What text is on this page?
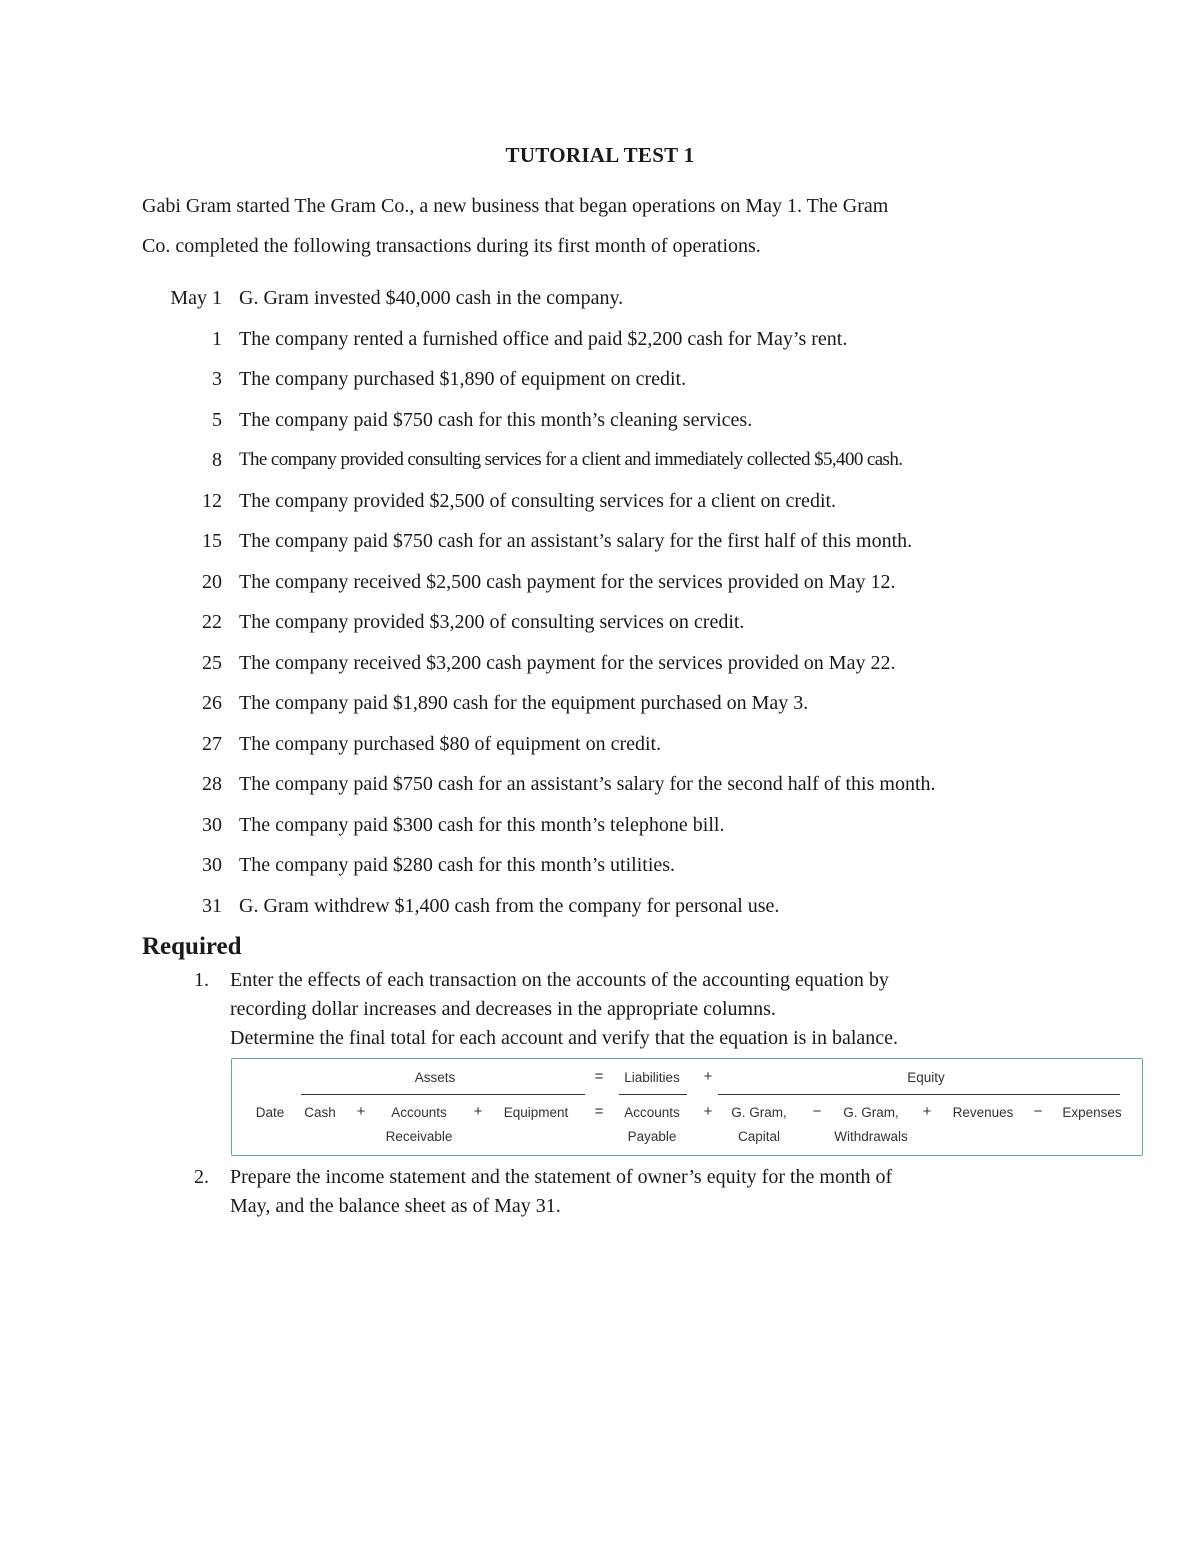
TUTORIAL TEST 1
Gabi Gram started The Gram Co., a new business that began operations on May 1. The Gram
Co. completed the following transactions during its first month of operations.
May 1 G. Gram invested $40,000 cash in the company.
1 The company rented a furnished office and paid $2,200 cash for May’s rent.
3 The company purchased $1,890 of equipment on credit.
5 The company paid $750 cash for this month’s cleaning services.
8 The company provided consulting services for a client and immediately collected $5,400 cash.
12 The company provided $2,500 of consulting services for a client on credit.
15 The company paid $750 cash for an assistant’s salary for the first half of this month.
20 The company received $2,500 cash payment for the services provided on May 12.
22 The company provided $3,200 of consulting services on credit.
25 The company received $3,200 cash payment for the services provided on May 22.
26 The company paid $1,890 cash for the equipment purchased on May 3.
27 The company purchased $80 of equipment on credit.
28 The company paid $750 cash for an assistant’s salary for the second half of this month.
30 The company paid $300 cash for this month’s telephone bill.
30 The company paid $280 cash for this month’s utilities.
31 G. Gram withdrew $1,400 cash from the company for personal use.
Required
1. Enter the effects of each transaction on the accounts of the accounting equation by
recording dollar increases and decreases in the appropriate columns.
Determine the final total for each account and verify that the equation is in balance.
Assets	= Liabilities +	Equity
Date Cash + Accounts
Receivable
+ Equipment = Accounts
Payable
+ G. Gram,
Capital
− G. Gram,
Withdrawals
+ Revenues − Expenses
2. Prepare the income statement and the statement of owner’s equity for the month of
May, and the balance sheet as of May 31.
